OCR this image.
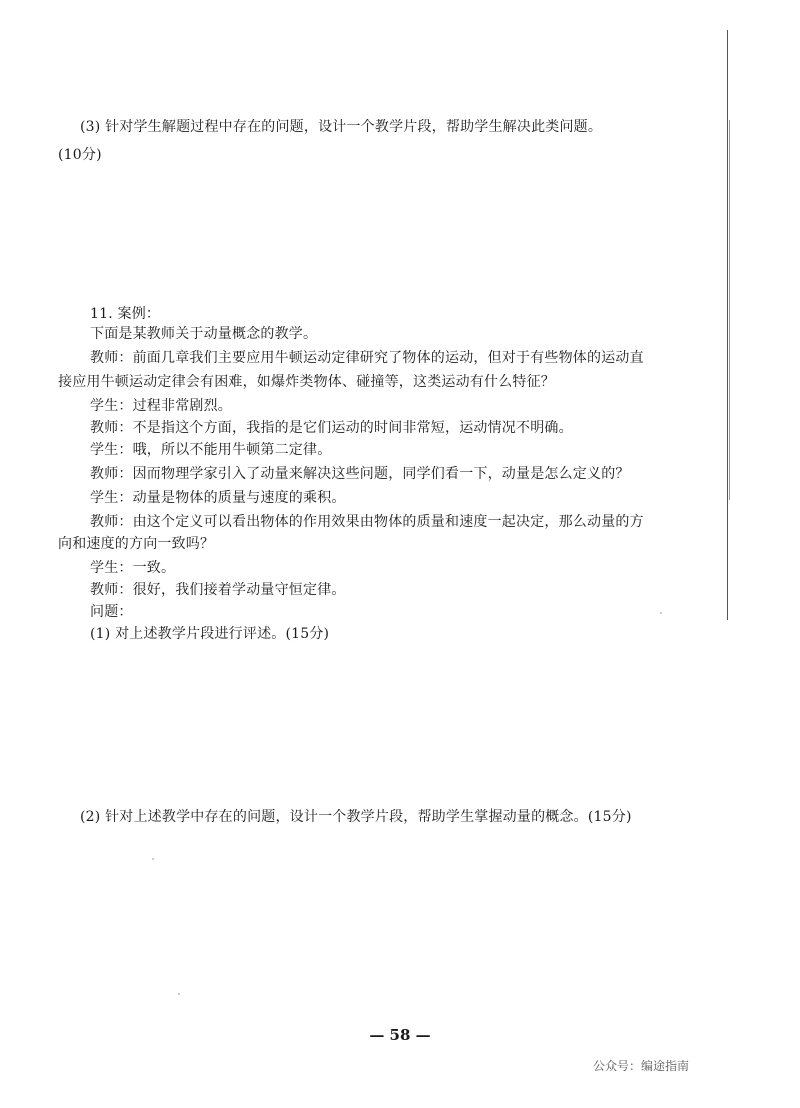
(3) 针对学生解题过程中存在的问题，设计一个教学片段，帮助学生解决此类问题。
(10分)
11. 案例：
下面是某教师关于动量概念的教学。
教师：前面几章我们主要应用牛顿运动定律研究了物体的运动，但对于有些物体的运动直
接应用牛顿运动定律会有困难，如爆炸类物体、碰撞等，这类运动有什么特征？
学生：过程非常剧烈。
教师：不是指这个方面，我指的是它们运动的时间非常短，运动情况不明确。
学生：哦，所以不能用牛顿第二定律。
教师：因而物理学家引入了动量来解决这些问题，同学们看一下，动量是怎么定义的？
学生：动量是物体的质量与速度的乘积。
教师：由这个定义可以看出物体的作用效果由物体的质量和速度一起决定，那么动量的方
向和速度的方向一致吗？
学生：一致。
教师：很好，我们接着学动量守恒定律。
问题：
(1) 对上述教学片段进行评述。(15分)
(2) 针对上述教学中存在的问题，设计一个教学片段，帮助学生掌握动量的概念。(15分)
— 58 —
公众号：编途指南
